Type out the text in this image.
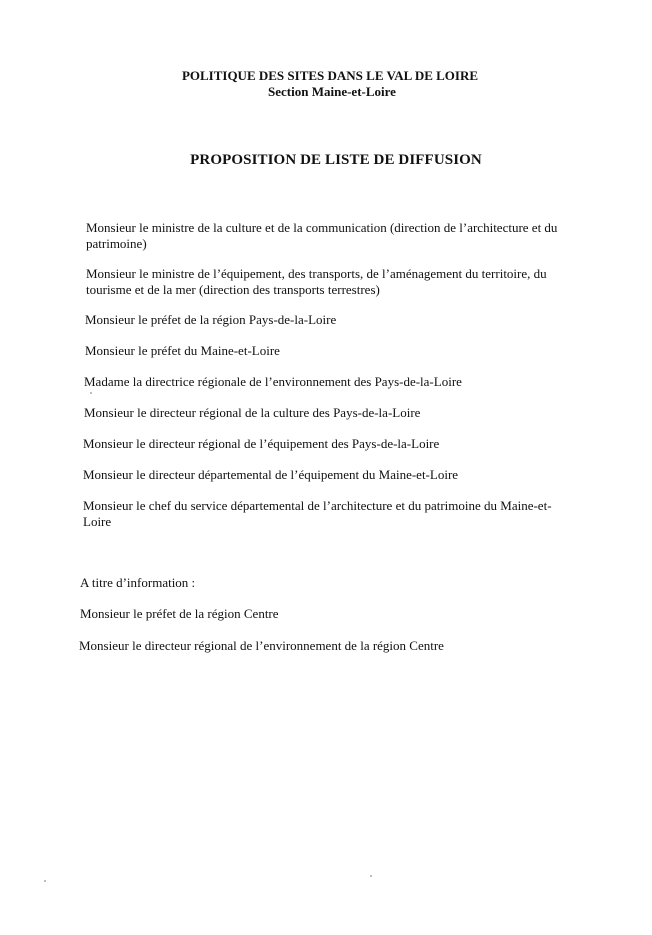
POLITIQUE DES SITES DANS LE VAL DE LOIRE
Section Maine-et-Loire
PROPOSITION DE LISTE DE DIFFUSION
Monsieur le ministre de la culture et de la communication (direction de l’architecture et du
patrimoine)
Monsieur le ministre de l’équipement, des transports, de l’aménagement du territoire, du
tourisme et de la mer (direction des transports terrestres)
Monsieur le préfet de la région Pays-de-la-Loire
Monsieur le préfet du Maine-et-Loire
Madame la directrice régionale de l’environnement des Pays-de-la-Loire
Monsieur le directeur régional de la culture des Pays-de-la-Loire
Monsieur le directeur régional de l’équipement des Pays-de-la-Loire
Monsieur le directeur départemental de l’équipement du Maine-et-Loire
Monsieur le chef du service départemental de l’architecture et du patrimoine du Maine-et-
Loire
A titre d’information :
Monsieur le préfet de la région Centre
Monsieur le directeur régional de l’environnement de la région Centre
